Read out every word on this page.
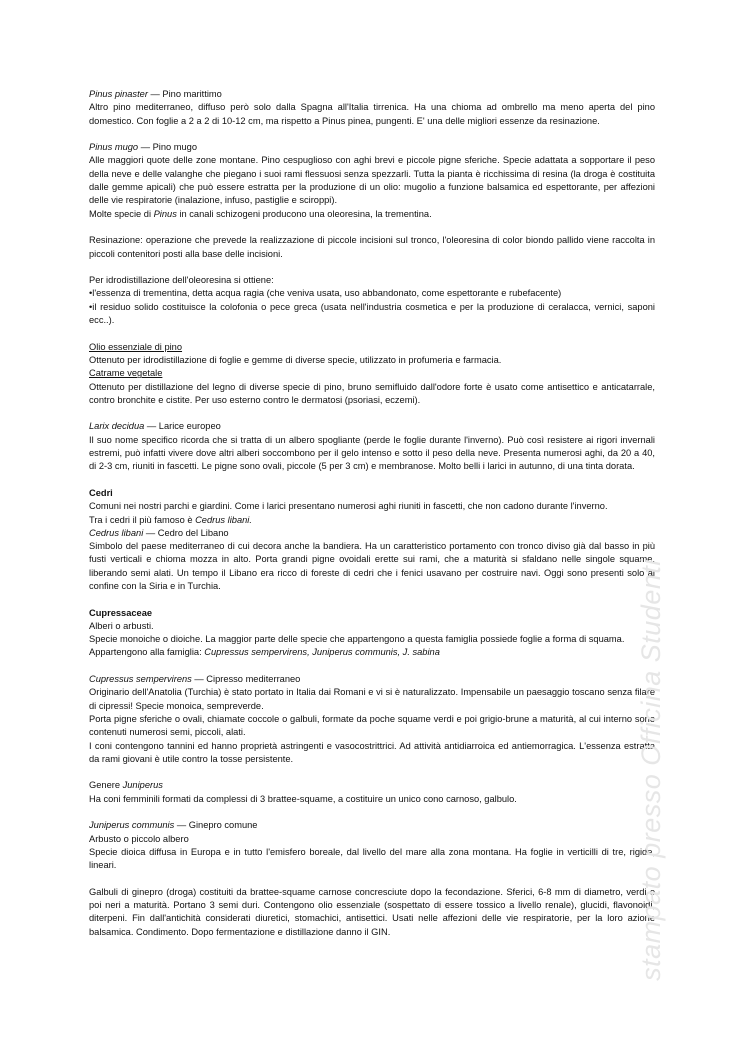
Pinus pinaster — Pino marittimo

Altro pino mediterraneo, diffuso però solo dalla Spagna all'Italia tirrenica. Ha una chioma ad ombrello ma meno aperta del pino domestico. Con foglie a 2 a 2 di 10-12 cm, ma rispetto a Pinus pinea, pungenti. E' una delle migliori essenze da resinazione.

Pinus mugo — Pino mugo

Alle maggiori quote delle zone montane. Pino cespuglioso con aghi brevi e piccole pigne sferiche. Specie adattata a sopportare il peso della neve e delle valanghe che piegano i suoi rami flessuosi senza spezzarli. Tutta la pianta è ricchissima di resina (la droga è costituita dalle gemme apicali) che può essere estratta per la produzione di un olio: mugolio a funzione balsamica ed espettorante, per affezioni delle vie respiratorie (inalazione, infuso, pastiglie e sciroppi).

Molte specie di Pinus in canali schizogeni producono una oleoresina, la trementina.

Resinazione: operazione che prevede la realizzazione di piccole incisioni sul tronco, l'oleoresina di color biondo pallido viene raccolta in piccoli contenitori posti alla base delle incisioni.

Per idrodistillazione dell'oleoresina si ottiene:

•l'essenza di trementina, detta acqua ragia (che veniva usata, uso abbandonato, come espettorante e rubefacente)

•il residuo solido costituisce la colofonia o pece greca (usata nell'industria cosmetica e per la produzione di ceralacca, vernici, saponi ecc..).

Olio essenziale di pino

Ottenuto per idrodistillazione di foglie e gemme di diverse specie, utilizzato in profumeria e farmacia.

Catrame vegetale

Ottenuto per distillazione del legno di diverse specie di pino, bruno semifluido dall'odore forte è usato come antisettico e anticatarrale, contro bronchite e cistite. Per uso esterno contro le dermatosi (psoriasi, eczemi).

Larix decidua — Larice europeo

Il suo nome specifico ricorda che si tratta di un albero spogliante (perde le foglie durante l'inverno). Può così resistere ai rigori invernali estremi, può infatti vivere dove altri alberi soccombono per il gelo intenso e sotto il peso della neve. Presenta numerosi aghi, da 20 a 40, di 2-3 cm, riuniti in fascetti. Le pigne sono ovali, piccole (5 per 3 cm) e membranose. Molto belli i larici in autunno, di una tinta dorata.

Cedri

Comuni nei nostri parchi e giardini. Come i larici presentano numerosi aghi riuniti in fascetti, che non cadono durante l'inverno.

Tra i cedri il più famoso è Cedrus libani.

Cedrus libani — Cedro del Libano

Simbolo del paese mediterraneo di cui decora anche la bandiera. Ha un caratteristico portamento con tronco diviso già dal basso in più fusti verticali e chioma mozza in alto. Porta grandi pigne ovoidali erette sui rami, che a maturità si sfaldano nelle singole squame, liberando semi alati. Un tempo il Libano era ricco di foreste di cedri che i fenici usavano per costruire navi. Oggi sono presenti solo al confine con la Siria e in Turchia.

Cupressaceae

Alberi o arbusti.

Specie monoiche o dioiche. La maggior parte delle specie che appartengono a questa famiglia possiede foglie a forma di squama.

Appartengono alla famiglia: Cupressus sempervirens, Juniperus communis, J. sabina

Cupressus sempervirens — Cipresso mediterraneo

Originario dell'Anatolia (Turchia) è stato portato in Italia dai Romani e vi si è naturalizzato. Impensabile un paesaggio toscano senza filare di cipressi! Specie monoica, sempreverde.

Porta pigne sferiche o ovali, chiamate coccole o galbuli, formate da poche squame verdi e poi grigio-brune a maturità, al cui interno sono contenuti numerosi semi, piccoli, alati.

I coni contengono tannini ed hanno proprietà astringenti e vasocostrittrici. Ad attività antidiarroica ed antiemorragica. L'essenza estratta da rami giovani è utile contro la tosse persistente.

Genere Juniperus

Ha coni femminili formati da complessi di 3 brattee-squame, a costituire un unico cono carnoso, galbulo.

Juniperus communis — Ginepro comune

Arbusto o piccolo albero

Specie dioica diffusa in Europa e in tutto l'emisfero boreale, dal livello del mare alla zona montana. Ha foglie in verticilli di tre, rigide, lineari.

Galbuli di ginepro (droga) costituiti da brattee-squame carnose concresciute dopo la fecondazione. Sferici, 6-8 mm di diametro, verdi e poi neri a maturità. Portano 3 semi duri. Contengono olio essenziale (sospettato di essere tossico a livello renale), glucidi, flavonoidi, diterpeni. Fin dall'antichità considerati diuretici, stomachici, antisettici. Usati nelle affezioni delle vie respiratorie, per la loro azione balsamica. Condimento. Dopo fermentazione e distillazione danno il GIN.	stampato presso Officina Studenti
